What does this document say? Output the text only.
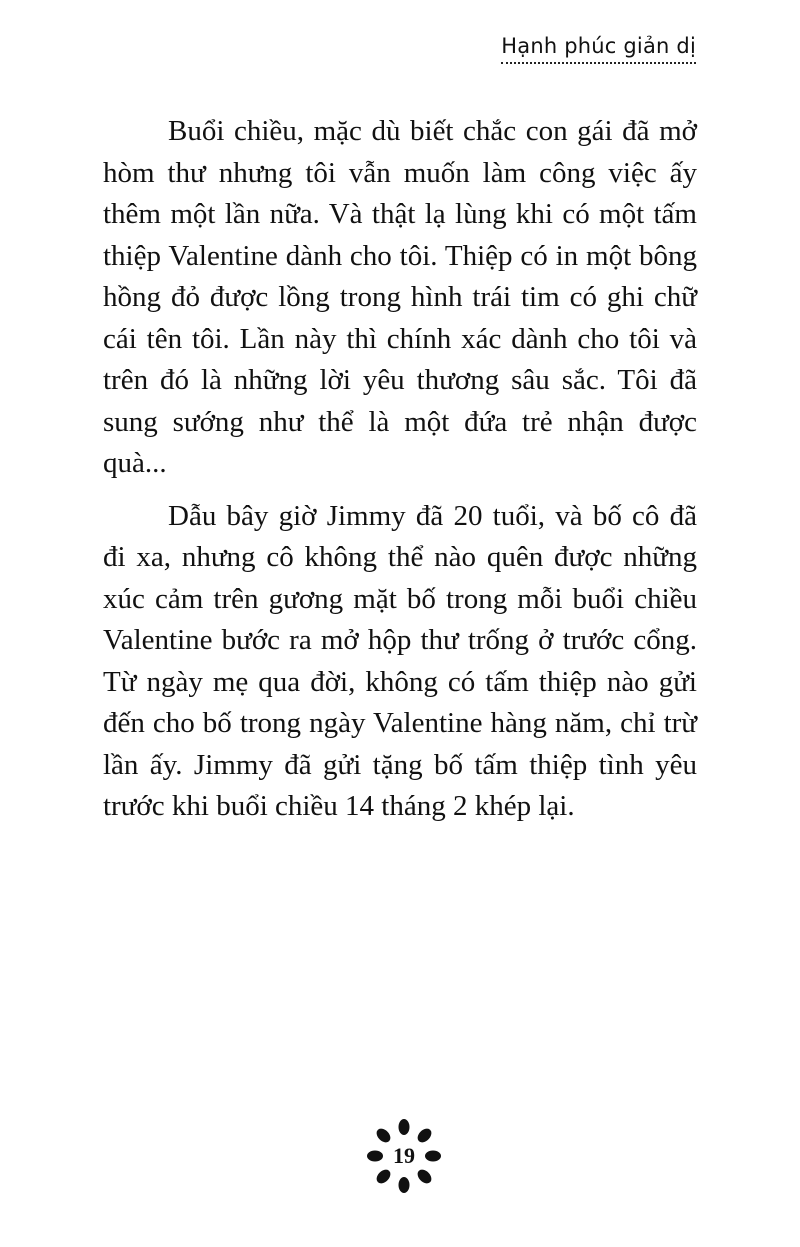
Hạnh phúc giản dị

Buổi chiều, mặc dù biết chắc con gái đã mở hòm thư nhưng tôi vẫn muốn làm công việc ấy thêm một lần nữa. Và thật lạ lùng khi có một tấm thiệp Valentine dành cho tôi. Thiệp có in một bông hồng đỏ được lồng trong hình trái tim có ghi chữ cái tên tôi. Lần này thì chính xác dành cho tôi và trên đó là những lời yêu thương sâu sắc. Tôi đã sung sướng như thể là một đứa trẻ nhận được quà...

Dẫu bây giờ Jimmy đã 20 tuổi, và bố cô đã đi xa, nhưng cô không thể nào quên được những xúc cảm trên gương mặt bố trong mỗi buổi chiều Valentine bước ra mở hộp thư trống ở trước cổng. Từ ngày mẹ qua đời, không có tấm thiệp nào gửi đến cho bố trong ngày Valentine hàng năm, chỉ trừ lần ấy. Jimmy đã gửi tặng bố tấm thiệp tình yêu trước khi buổi chiều 14 tháng 2 khép lại.

19
